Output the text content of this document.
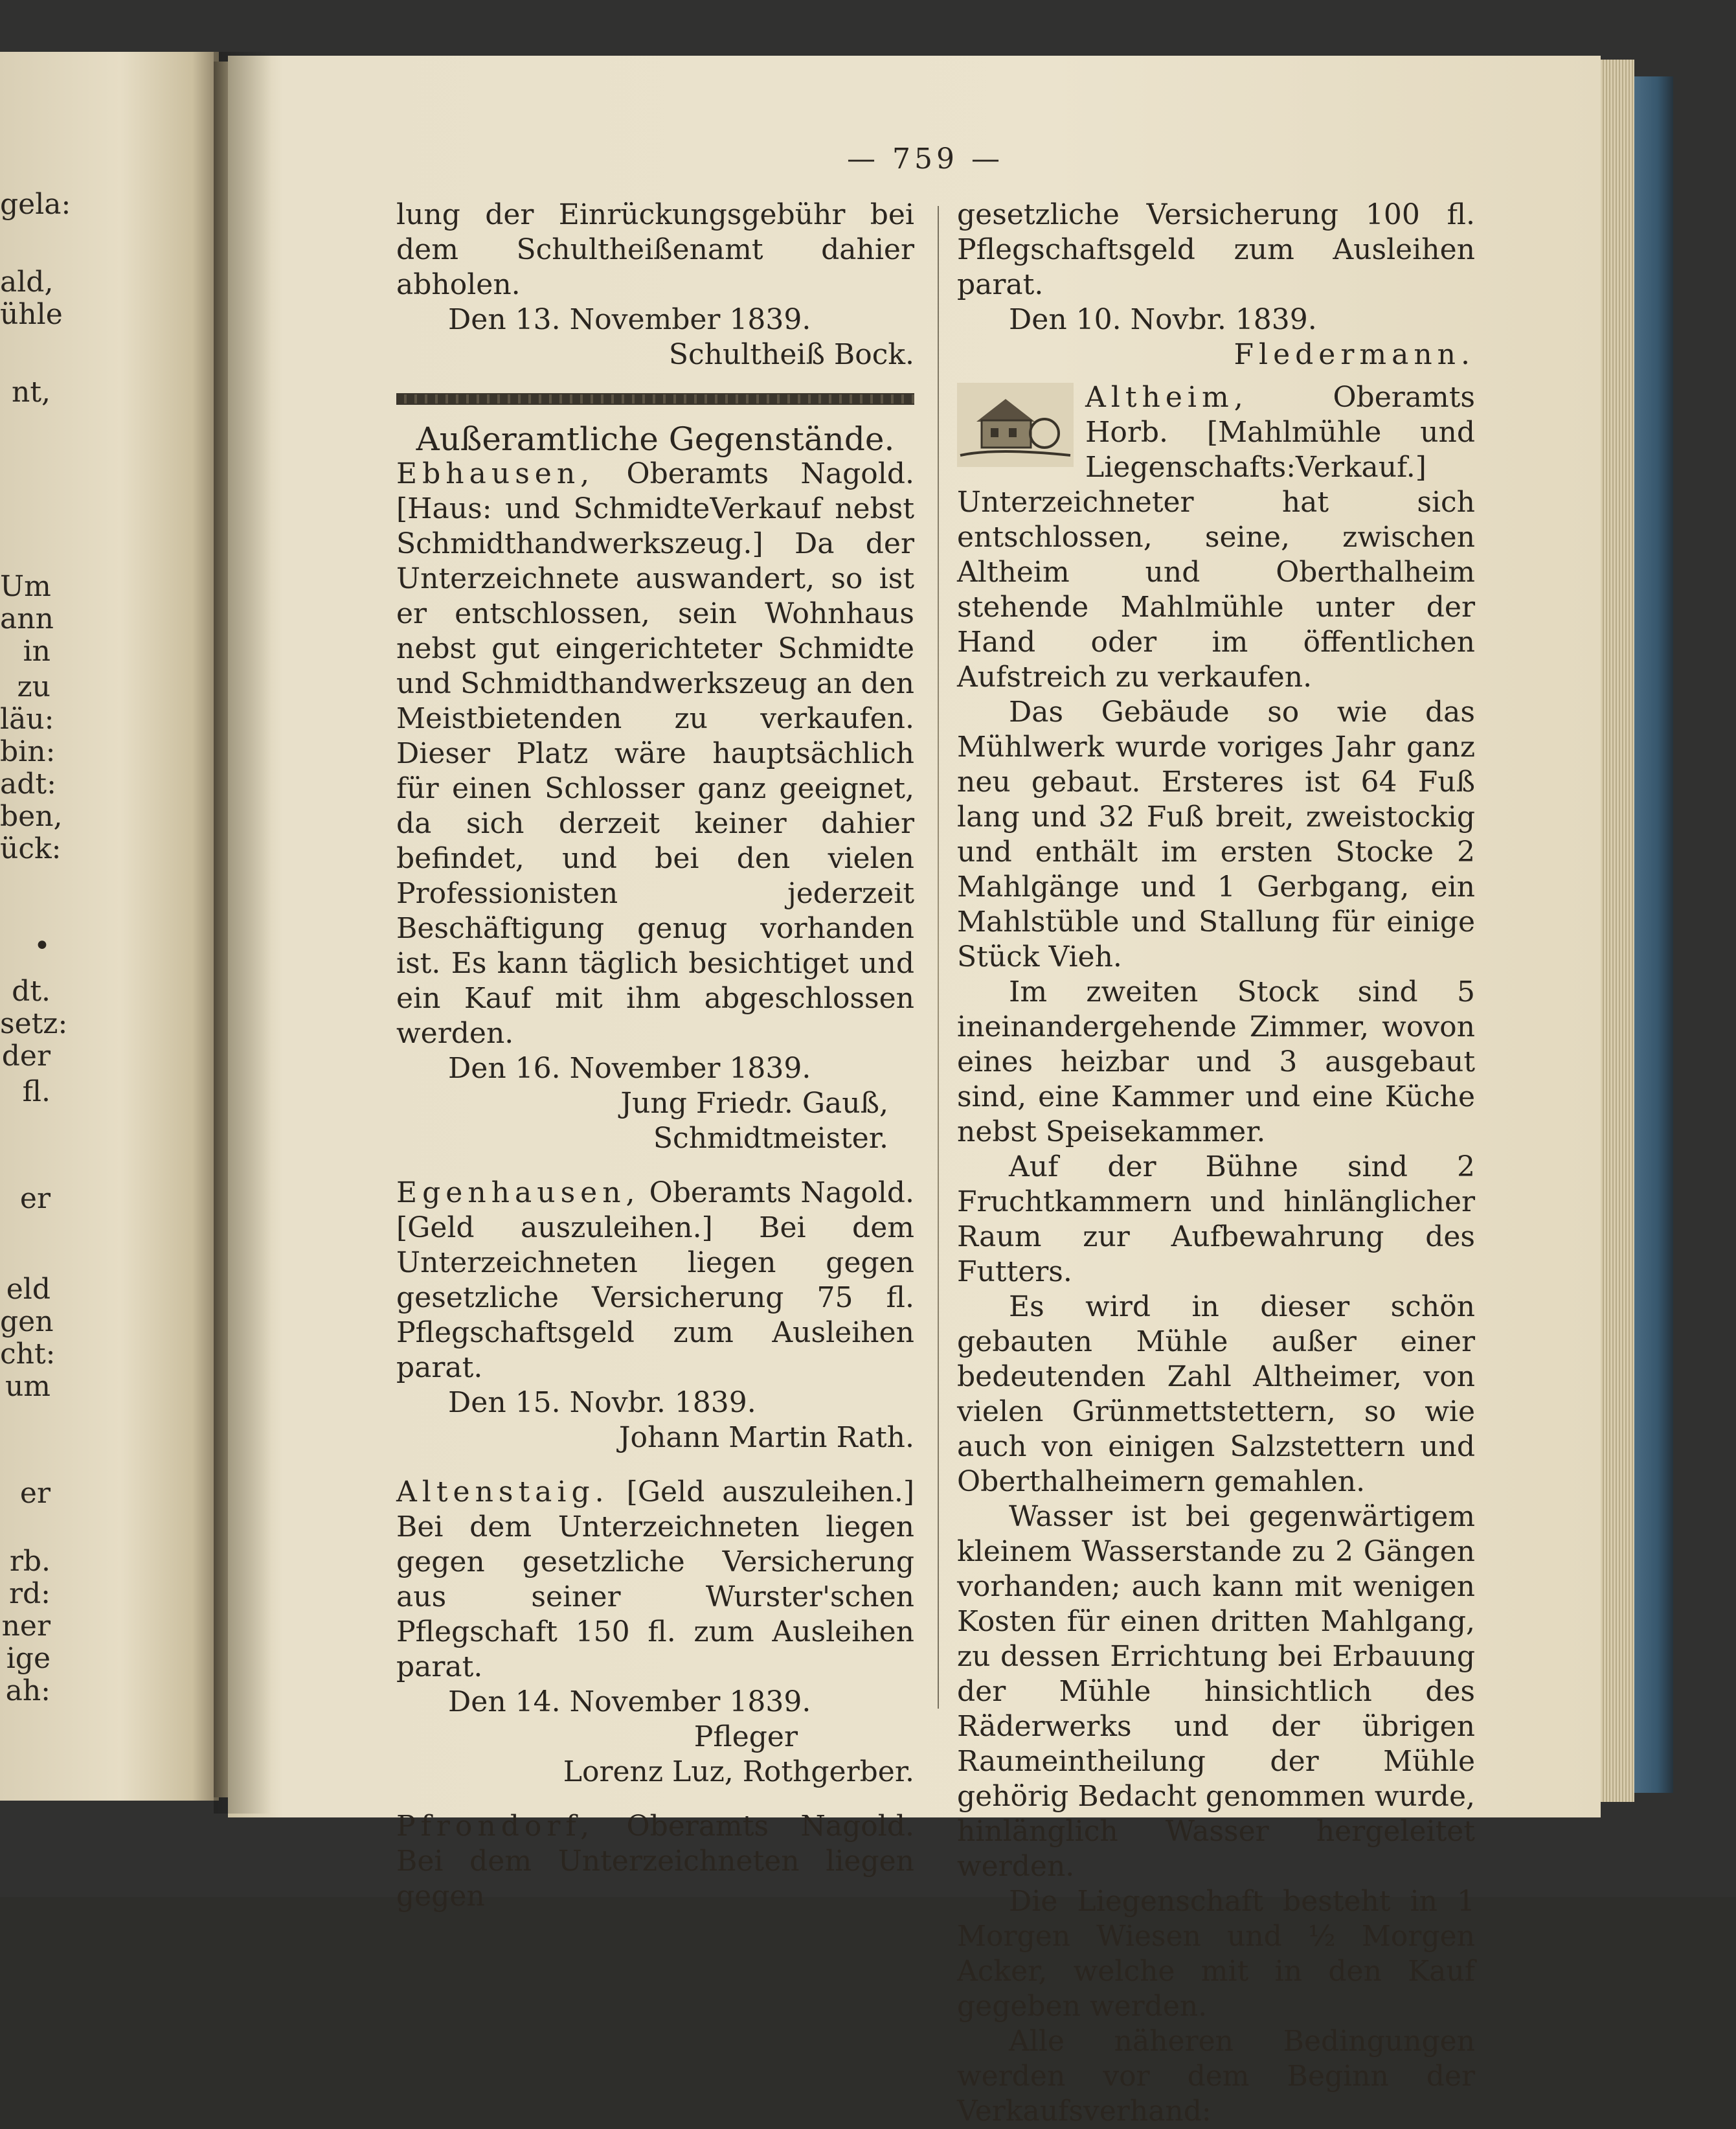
gela:
ald,
ühle
nt,
Um
ann
in
zu
läu:
bin:
adt:
ben,
ück:
•
dt.
setz:
der
fl.
er
eld
gen
cht:
um
er
rb.
rd:
ner
ige
ah:
— 759 —

lung der Einrückungsgebühr bei dem Schultheißenamt dahier abholen.

Den 13. November 1839.

Schultheiß Bock.

Außeramtliche Gegenstände.

Ebhausen, Oberamts Nagold. [Haus: und SchmidteVerkauf nebst Schmidthandwerkszeug.] Da der Unterzeichnete auswandert, so ist er entschlossen, sein Wohnhaus nebst gut eingerichteter Schmidte und Schmidthandwerkszeug an den Meistbietenden zu verkaufen. Dieser Platz wäre hauptsächlich für einen Schlosser ganz geeignet, da sich derzeit keiner dahier befindet, und bei den vielen Professionisten jederzeit Beschäftigung genug vorhanden ist. Es kann täglich besichtiget und ein Kauf mit ihm abgeschlossen werden.

Den 16. November 1839.

Jung Friedr. Gauß,

Schmidtmeister.

Egenhausen, Oberamts Nagold. [Geld auszuleihen.] Bei dem Unterzeichneten liegen gegen gesetzliche Versicherung 75 fl. Pflegschaftsgeld zum Ausleihen parat.

Den 15. Novbr. 1839.

Johann Martin Rath.

Altenstaig. [Geld auszuleihen.] Bei dem Unterzeichneten liegen gegen gesetzliche Versicherung aus seiner Wurster'schen Pflegschaft 150 fl. zum Ausleihen parat.

Den 14. November 1839.

Pfleger

Lorenz Luz, Rothgerber.

Pfrondorf, Oberamts Nagold. Bei dem Unterzeichneten liegen gegen

gesetzliche Versicherung 100 fl. Pflegschaftsgeld zum Ausleihen parat.

Den 10. Novbr. 1839.

Fledermann.

Altheim, Oberamts Horb. [Mahlmühle und Liegenschafts:Verkauf.] Unterzeichneter hat sich entschlossen, seine, zwischen Altheim und Oberthalheim stehende Mahlmühle unter der Hand oder im öffentlichen Aufstreich zu verkaufen.

Das Gebäude so wie das Mühlwerk wurde voriges Jahr ganz neu gebaut. Ersteres ist 64 Fuß lang und 32 Fuß breit, zweistockig und enthält im ersten Stocke 2 Mahlgänge und 1 Gerbgang, ein Mahlstüble und Stallung für einige Stück Vieh.

Im zweiten Stock sind 5 ineinandergehende Zimmer, wovon eines heizbar und 3 ausgebaut sind, eine Kammer und eine Küche nebst Speisekammer.

Auf der Bühne sind 2 Fruchtkammern und hinlänglicher Raum zur Aufbewahrung des Futters.

Es wird in dieser schön gebauten Mühle außer einer bedeutenden Zahl Altheimer, von vielen Grünmettstettern, so wie auch von einigen Salzstettern und Oberthalheimern gemahlen.

Wasser ist bei gegenwärtigem kleinem Wasserstande zu 2 Gängen vorhanden; auch kann mit wenigen Kosten für einen dritten Mahlgang, zu dessen Errichtung bei Erbauung der Mühle hinsichtlich des Räderwerks und der übrigen Raumeintheilung der Mühle gehörig Bedacht genommen wurde, hinlänglich Wasser hergeleitet werden.

Die Liegenschaft besteht in 1 Morgen Wiesen und ½ Morgen Acker, welche mit in den Kauf gegeben werden.

Alle näheren Bedingungen werden vor dem Beginn der Verkaufsverhand:
